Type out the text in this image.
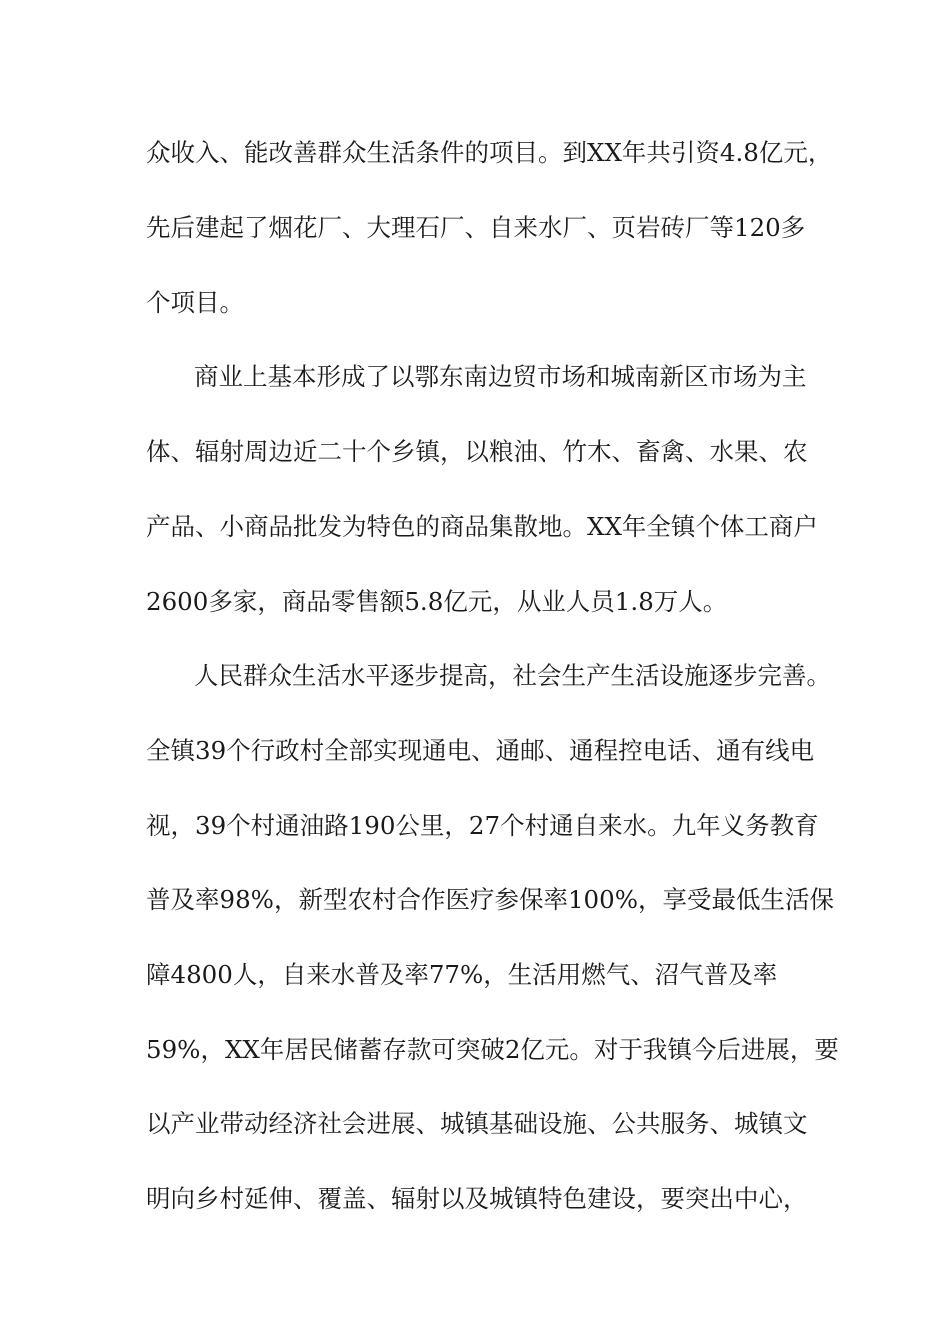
众收入、能改善群众生活条件的项目。到XX年共引资4.8亿元，
先后建起了烟花厂、大理石厂、自来水厂、页岩砖厂等120多
个项目。
商业上基本形成了以鄂东南边贸市场和城南新区市场为主
体、辐射周边近二十个乡镇，以粮油、竹木、畜禽、水果、农
产品、小商品批发为特色的商品集散地。XX年全镇个体工商户
2600多家，商品零售额5.8亿元，从业人员1.8万人。
人民群众生活水平逐步提高，社会生产生活设施逐步完善。
全镇39个行政村全部实现通电、通邮、通程控电话、通有线电
视，39个村通油路190公里，27个村通自来水。九年义务教育
普及率98%，新型农村合作医疗参保率100%，享受最低生活保
障4800人，自来水普及率77%，生活用燃气、沼气普及率
59%，XX年居民储蓄存款可突破2亿元。对于我镇今后进展，要
以产业带动经济社会进展、城镇基础设施、公共服务、城镇文
明向乡村延伸、覆盖、辐射以及城镇特色建设，要突出中心，
